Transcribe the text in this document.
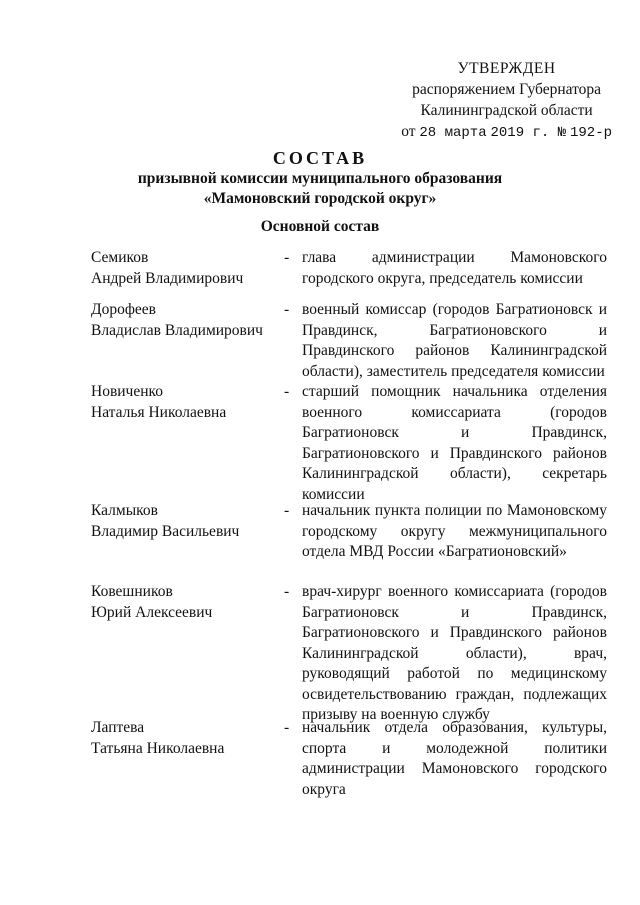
УТВЕРЖДЕН
распоряжением Губернатора
Калининградской области
от 28 марта 2019 г. № 192-р
СОСТАВ
призывной комиссии муниципального образования
«Мамоновский городской округ»
Основной состав
Семиков
Андрей Владимирович
- глава администрации Мамоновского городского округа, председатель комиссии
Дорофеев
Владислав Владимирович
- военный комиссар (городов Багратионовск и Правдинск, Багратионовского и Правдинского районов Калининградской области), заместитель председателя комиссии
Новиченко
Наталья Николаевна
- старший помощник начальника отделения военного комиссариата (городов Багратионовск и Правдинск, Багратионовского и Правдинского районов Калининградской области), секретарь комиссии
Калмыков
Владимир Васильевич
- начальник пункта полиции по Мамоновскому городскому округу межмуниципального отдела МВД России «Багратионовский»
Ковешников
Юрий Алексеевич
- врач-хирург военного комиссариата (городов Багратионовск и Правдинск, Багратионовского и Правдинского районов Калининградской области), врач, руководящий работой по медицинскому освидетельствованию граждан, подлежащих призыву на военную службу
Лаптева
Татьяна Николаевна
- начальник отдела образования, культуры, спорта и молодежной политики администрации Мамоновского городского округа
